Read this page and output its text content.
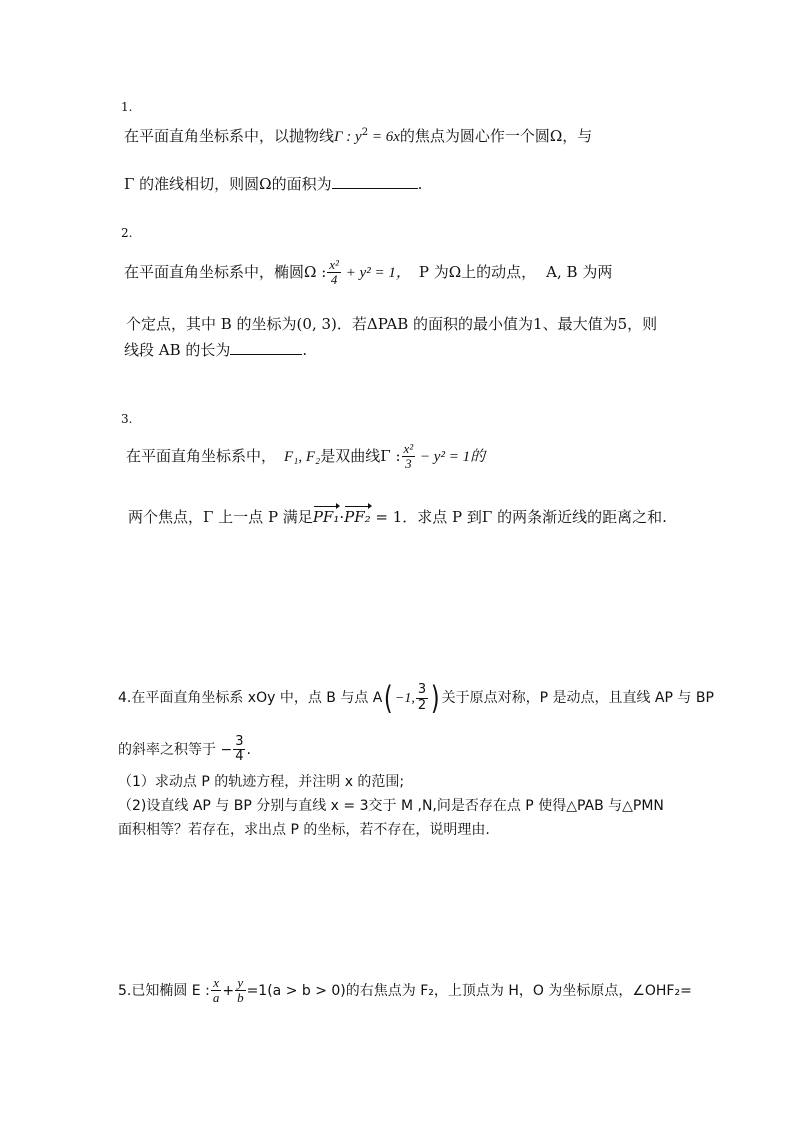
1.
在平面直角坐标系中，以抛物线Γ : $y^2 = 6x$的焦点为圆心作一个圆Ω，与
Γ 的准线相切，则圆Ω的面积为	.
2.
在平面直角坐标系中，椭圆Ω : $\frac{\text{x²}}{4} + y^2 = 1$， P 为Ω上的动点， A, B 为两
个定点，其中 B 的坐标为(0, 3)．若ΔPAB 的面积的最小值为1、最大值为5，则
线段 AB 的长为	.
3.
在平面直角坐标系中， F₁, F₂是双曲线Γ : $\frac{\text{x²}}{3} - y^2 = 1$的
两个焦点，Γ 上一点 P 满足PF₁·PF₂ = 1．求点 P 到Γ 的两条渐近线的距离之和.
4.在平面直角坐标系 xOy 中，点 B 与点 A( −1, $\frac{3}{2}$ ) 关于原点对称，P 是动点，且直线 AP 与 BP
的斜率之积等于 − $\frac{3}{4}$ .
（1）求动点 P 的轨迹方程，并注明 x 的范围;
（2)设直线 AP 与 BP 分别与直线 x = 3交于 M ,N,问是否存在点 P 使得△PAB 与△PMN
面积相等？若存在，求出点 P 的坐标，若不存在，说明理由.
5.已知椭圆 E : $\frac{x}{a} + \frac{y}{b} =1(a > b > 0)$的右焦点为 F₂，上顶点为 H，O 为坐标原点，∠OHF₂=
